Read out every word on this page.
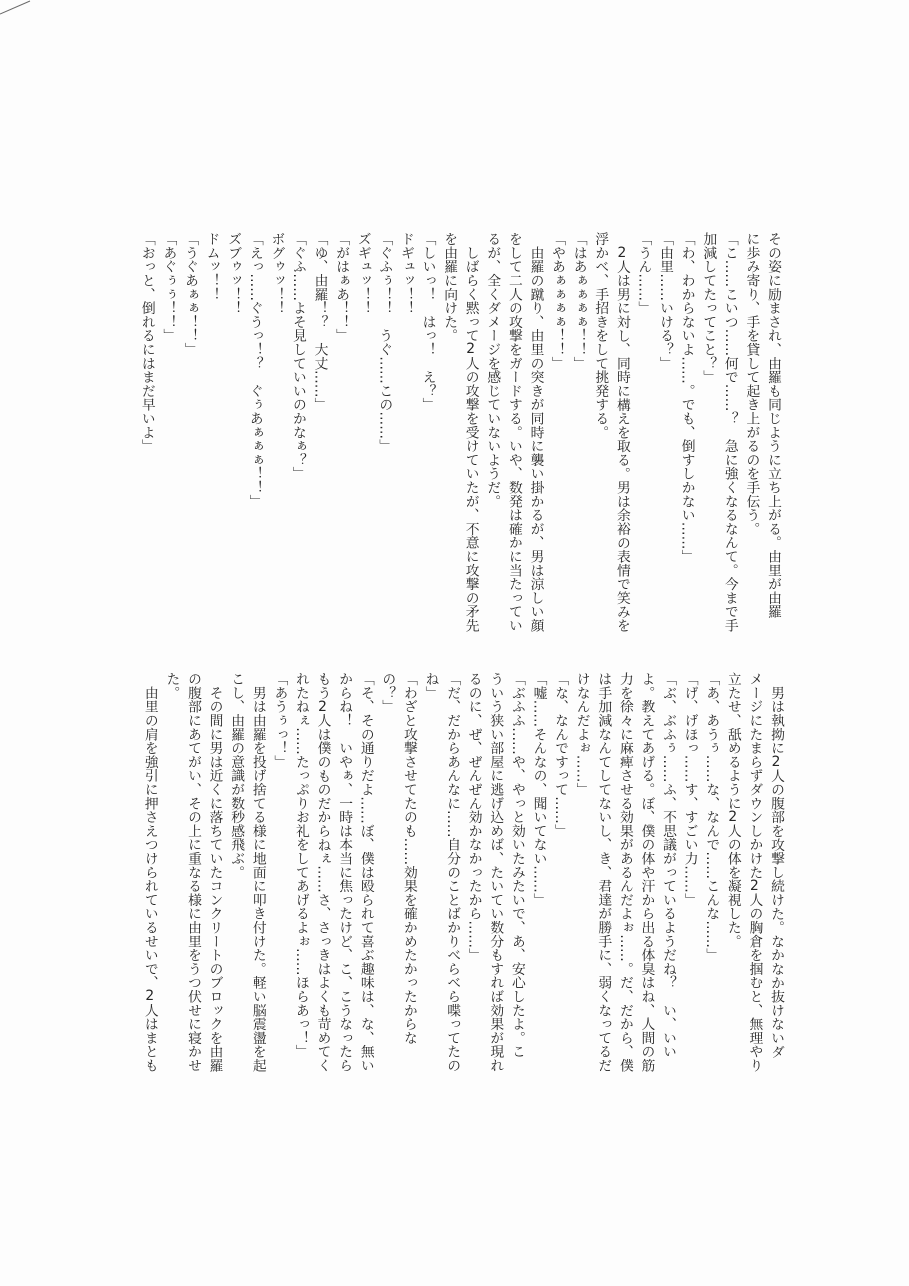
その姿に励まされ、由羅も同じように立ち上がる。由里が由羅
に歩み寄り、手を貸して起き上がるのを手伝う。
「こ……こいつ……何で……？　急に強くなるなんて。今まで手
加減してたってこと？」
「わ、わからないよ……。でも、倒すしかない……」
「由里……いける？」
「うん……」
　2人は男に対し、同時に構えを取る。男は余裕の表情で笑みを
浮かべ、手招きをして挑発する。
「はあぁぁぁぁ！！」
「やあぁぁぁぁ！！」
　由羅の蹴り、由里の突きが同時に襲い掛かるが、男は涼しい顔
をして二人の攻撃をガードする。いや、数発は確かに当たってい
るが、全くダメージを感じていないようだ。
　しばらく黙って2人の攻撃を受けていたが、不意に攻撃の矛先
を由羅に向けた。
「しいっ！　はっ！　え？」
ドギュッ！！
「ぐふぅ！！　うぐ……この……」
ズギュッ！！
「がはぁあ！！」
「ゆ、由羅！？　大丈……」
「ぐふ……よそ見していいのかなぁ？」
ボグゥッ！！
「えっ……ぐうっ！？　ぐぅあぁぁぁ！！」
ズブゥッ！！
ドムッ！！
「うぐあぁぁ！！」
「あぐぅぅ！！」
「おっと、倒れるにはまだ早いよ」
　男は執拗に2人の腹部を攻撃し続けた。なかなか抜けないダ
メージにたまらずダウンしかけた2人の胸倉を掴むと、無理やり
立たせ、舐めるように2人の体を凝視した。
「あ、あうぅ……な、なんで……こんな……」
「げ、げほっ……す、すごい力……」
「ぶ、ぶふぅ……ふ、不思議がっているようだね？　い、いい
よ。教えてあげる。ぼ、僕の体や汗から出る体臭はね、人間の筋
力を徐々に麻痺させる効果があるんだよぉ……。だ、だから、僕
は手加減なんてしてないし、き、君達が勝手に、弱くなってるだ
けなんだよぉ……」
「な、なんですって……」
「嘘……そんなの、聞いてない……」
「ぶふふ……や、やっと効いたみたいで、あ、安心したよ。こ
ういう狭い部屋に逃げ込めば、たいてい数分もすれば効果が現れ
るのに、ぜ、ぜんぜん効かなかったから……」
「だ、だからあんなに……自分のことばかりべらべら喋ってたの
ね」
「わざと攻撃させてたのも……効果を確かめたかったからな
の？」
「そ、その通りだよ……ぼ、僕は殴られて喜ぶ趣味は、な、無い
からね！　いやぁ、一時は本当に焦ったけど、こ、こうなったら
もう2人は僕のものだからねぇ……さ、さっきはよくも苛めてく
れたねぇ……たっぷりお礼をしてあげるよぉ……ほらあっ！」
「あうぅっ！」
　男は由羅を投げ捨てる様に地面に叩き付けた。軽い脳震盪を起
こし、由羅の意識が数秒感飛ぶ。
　その間に男は近くに落ちていたコンクリートのブロックを由羅
の腹部にあてがい、その上に重なる様に由里をうつ伏せに寝かせ
た。
　由里の肩を強引に押さえつけられているせいで、2人はまとも
